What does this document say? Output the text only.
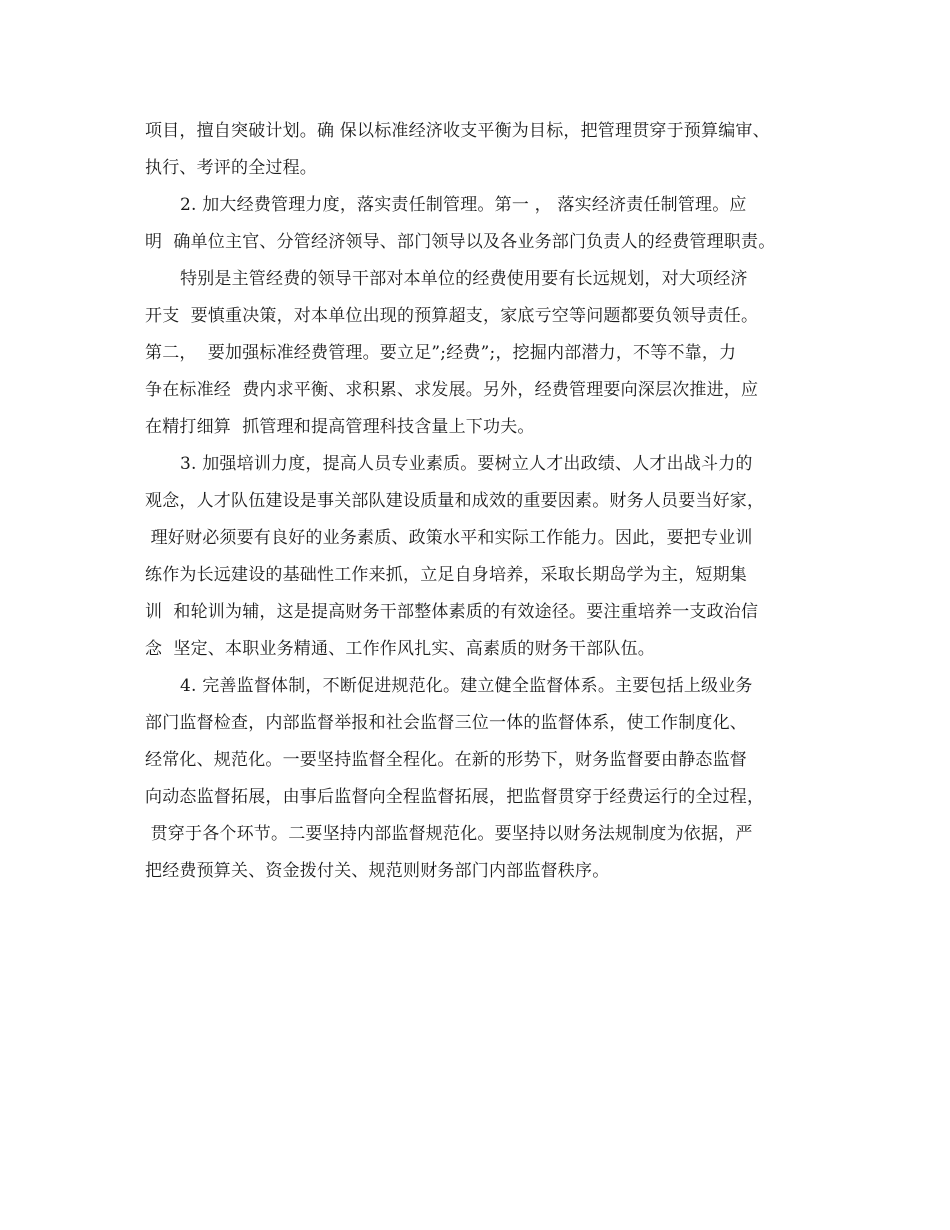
项目，擅自突破计划。确 保以标准经济收支平衡为目标，把管理贯穿于预算编审、
执行、考评的全过程。
2. 加大经费管理力度，落实责任制管理。第一 ， 落实经济责任制管理。应
明  确单位主官、分管经济领导、部门领导以及各业务部门负责人的经费管理职责。
特别是主管经费的领导干部对本单位的经费使用要有长远规划，对大项经济
开支  要慎重决策，对本单位出现的预算超支，家底亏空等问题都要负领导责任。
第二，  要加强标准经费管理。要立足”;经费”;，挖掘内部潜力，不等不靠，力
争在标准经  费内求平衡、求积累、求发展。另外，经费管理要向深层次推进，应
在精打细算  抓管理和提高管理科技含量上下功夫。
3. 加强培训力度，提高人员专业素质。要树立人才出政绩、人才出战斗力的
观念，人才队伍建设是事关部队建设质量和成效的重要因素。财务人员要当好家，
理好财必须要有良好的业务素质、政策水平和实际工作能力。因此，要把专业训
练作为长远建设的基础性工作来抓，立足自身培养，采取长期岛学为主，短期集
训  和轮训为辅，这是提高财务干部整体素质的有效途径。要注重培养一支政治信
念  坚定、本职业务精通、工作作风扎实、高素质的财务干部队伍。
4. 完善监督体制，不断促进规范化。建立健全监督体系。主要包括上级业务
部门监督检查，内部监督举报和社会监督三位一体的监督体系，使工作制度化、
经常化、规范化。一要坚持监督全程化。在新的形势下，财务监督要由静态监督
向动态监督拓展，由事后监督向全程监督拓展，把监督贯穿于经费运行的全过程，
贯穿于各个环节。二要坚持内部监督规范化。要坚持以财务法规制度为依据，严
把经费预算关、资金拨付关、规范则财务部门内部监督秩序。
